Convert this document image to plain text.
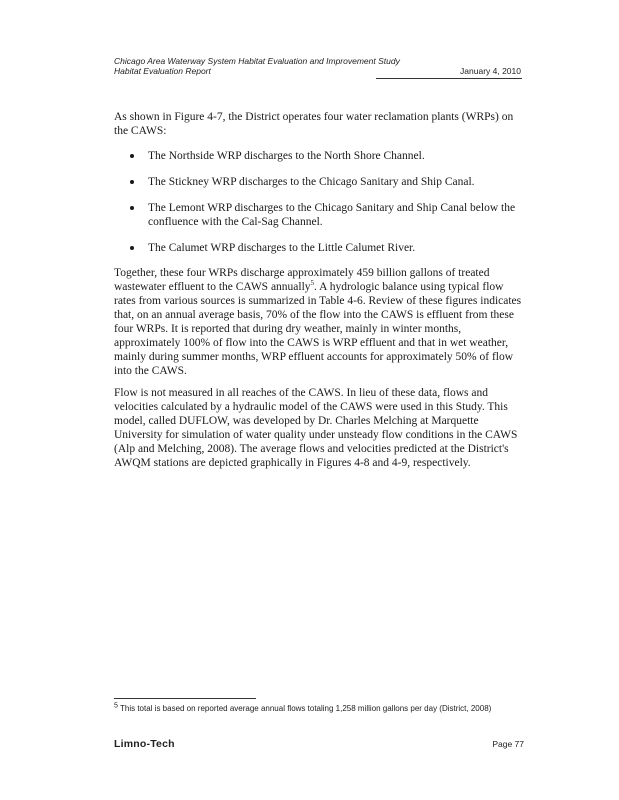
Chicago Area Waterway System Habitat Evaluation and Improvement Study
Habitat Evaluation Report	January 4, 2010

As shown in Figure 4-7, the District operates four water reclamation plants (WRPs) on the CAWS:

The Northside WRP discharges to the North Shore Channel.
The Stickney WRP discharges to the Chicago Sanitary and Ship Canal.
The Lemont WRP discharges to the Chicago Sanitary and Ship Canal below the confluence with the Cal-Sag Channel.
The Calumet WRP discharges to the Little Calumet River.

Together, these four WRPs discharge approximately 459 billion gallons of treated wastewater effluent to the CAWS annually$^5$. A hydrologic balance using typical flow rates from various sources is summarized in Table 4-6. Review of these figures indicates that, on an annual average basis, 70% of the flow into the CAWS is effluent from these four WRPs. It is reported that during dry weather, mainly in winter months, approximately 100% of flow into the CAWS is WRP effluent and that in wet weather, mainly during summer months, WRP effluent accounts for approximately 50% of flow into the CAWS.

Flow is not measured in all reaches of the CAWS. In lieu of these data, flows and velocities calculated by a hydraulic model of the CAWS were used in this Study. This model, called DUFLOW, was developed by Dr. Charles Melching at Marquette University for simulation of water quality under unsteady flow conditions in the CAWS (Alp and Melching, 2008). The average flows and velocities predicted at the District's AWQM stations are depicted graphically in Figures 4-8 and 4-9, respectively.

$^5$ This total is based on reported average annual flows totaling 1,258 million gallons per day (District, 2008)

Limno-Tech	Page 77
